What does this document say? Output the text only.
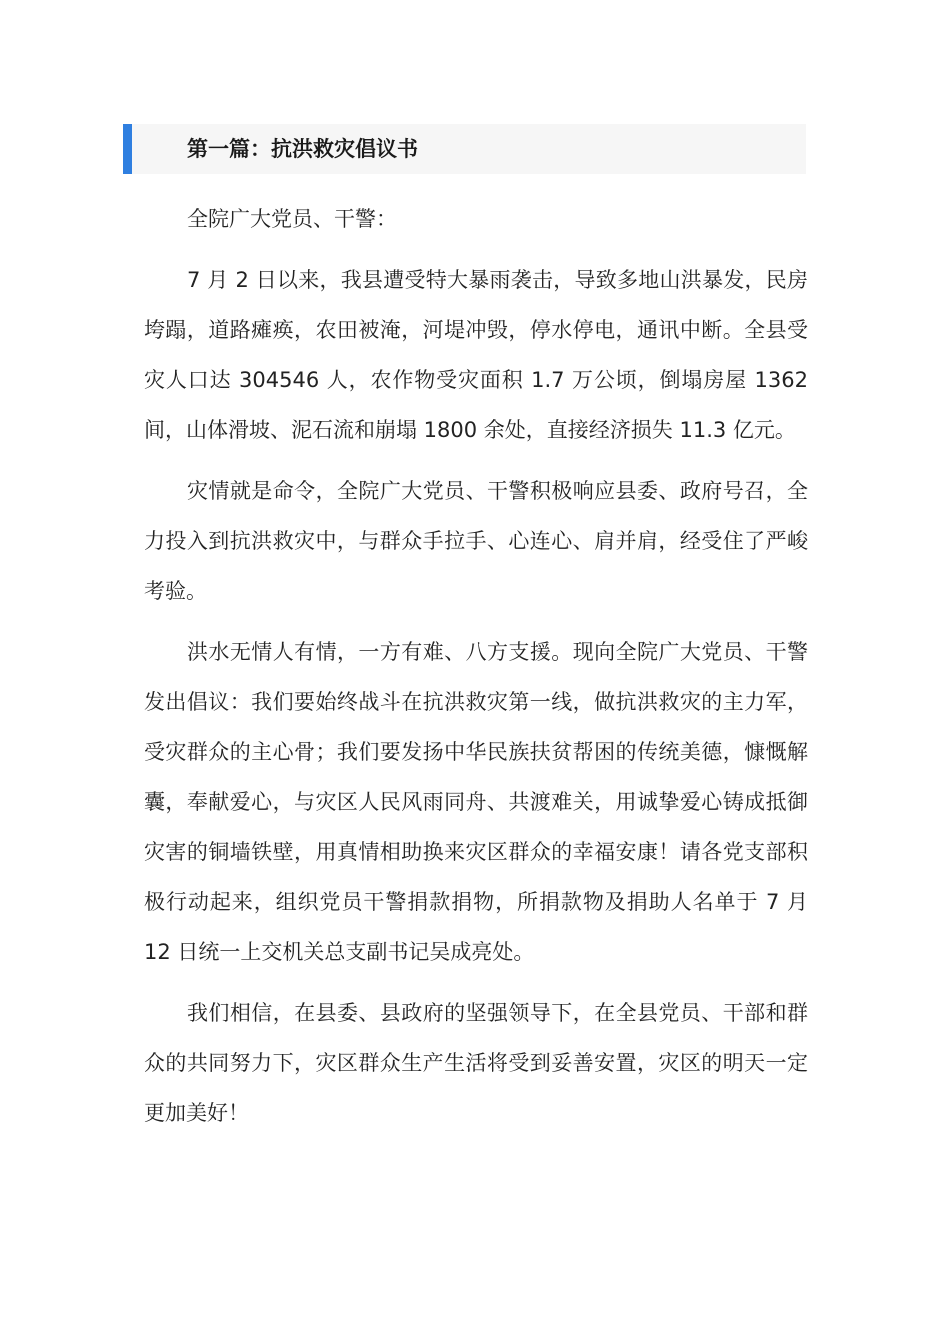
第一篇：抗洪救灾倡议书

全院广大党员、干警：

7 月 2 日以来，我县遭受特大暴雨袭击，导致多地山洪暴发，民房垮蹋，道路瘫痪，农田被淹，河堤冲毁，停水停电，通讯中断。全县受灾人口达 304546 人，农作物受灾面积 1.7 万公顷，倒塌房屋 1362 间，山体滑坡、泥石流和崩塌 1800 余处，直接经济损失 11.3 亿元。

灾情就是命令，全院广大党员、干警积极响应县委、政府号召，全力投入到抗洪救灾中，与群众手拉手、心连心、肩并肩，经受住了严峻考验。

洪水无情人有情，一方有难、八方支援。现向全院广大党员、干警发出倡议：我们要始终战斗在抗洪救灾第一线，做抗洪救灾的主力军，受灾群众的主心骨；我们要发扬中华民族扶贫帮困的传统美德，慷慨解囊，奉献爱心，与灾区人民风雨同舟、共渡难关，用诚挚爱心铸成抵御灾害的铜墙铁壁，用真情相助换来灾区群众的幸福安康！请各党支部积极行动起来，组织党员干警捐款捐物，所捐款物及捐助人名单于 7 月 12 日统一上交机关总支副书记吴成亮处。

我们相信，在县委、县政府的坚强领导下，在全县党员、干部和群众的共同努力下，灾区群众生产生活将受到妥善安置，灾区的明天一定更加美好！
